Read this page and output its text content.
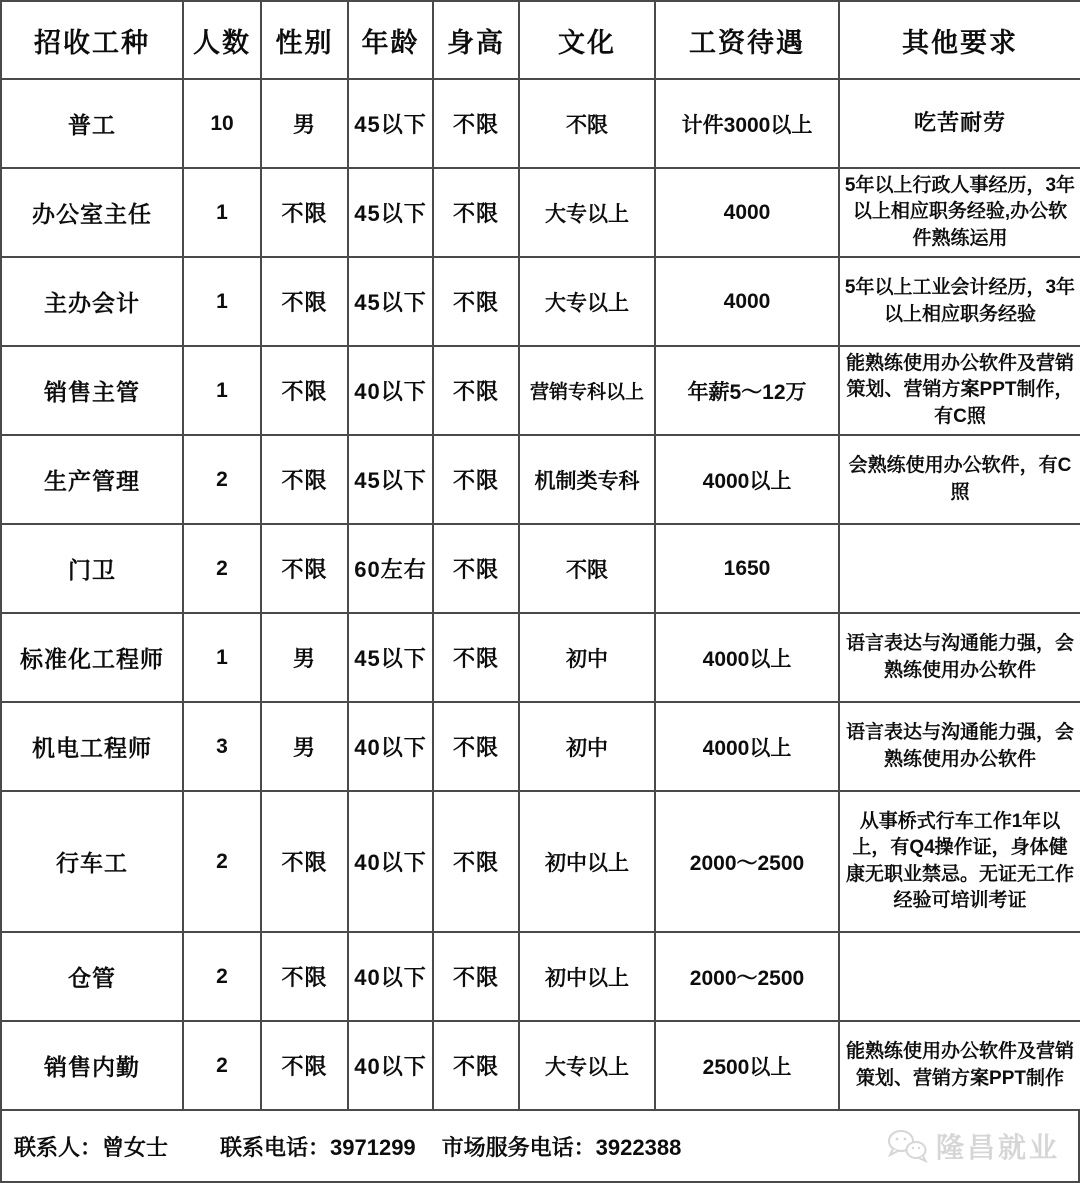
招收工种	人数	性别	年龄	身高	文化	工资待遇	其他要求
普工	10	男	45以下	不限	不限	计件3000以上	吃苦耐劳
办公室主任	1	不限	45以下	不限	大专以上	4000	5年以上行政人事经历，3年以上相应职务经验,办公软件熟练运用
主办会计	1	不限	45以下	不限	大专以上	4000	5年以上工业会计经历，3年以上相应职务经验
销售主管	1	不限	40以下	不限	营销专科以上	年薪5～12万	能熟练使用办公软件及营销策划、营销方案PPT制作，有C照
生产管理	2	不限	45以下	不限	机制类专科	4000以上	会熟练使用办公软件，有C照
门卫	2	不限	60左右	不限	不限	1650	
标准化工程师	1	男	45以下	不限	初中	4000以上	语言表达与沟通能力强，会熟练使用办公软件
机电工程师	3	男	40以下	不限	初中	4000以上	语言表达与沟通能力强，会熟练使用办公软件
行车工	2	不限	40以下	不限	初中以上	2000～2500	从事桥式行车工作1年以上，有Q4操作证，身体健康无职业禁忌。无证无工作经验可培训考证
仓管	2	不限	40以下	不限	初中以上	2000～2500	
销售内勤	2	不限	40以下	不限	大专以上	2500以上	能熟练使用办公软件及营销策划、营销方案PPT制作
联系人：曾女士 联系电话：3971299 市场服务电话：3922388	隆昌就业
